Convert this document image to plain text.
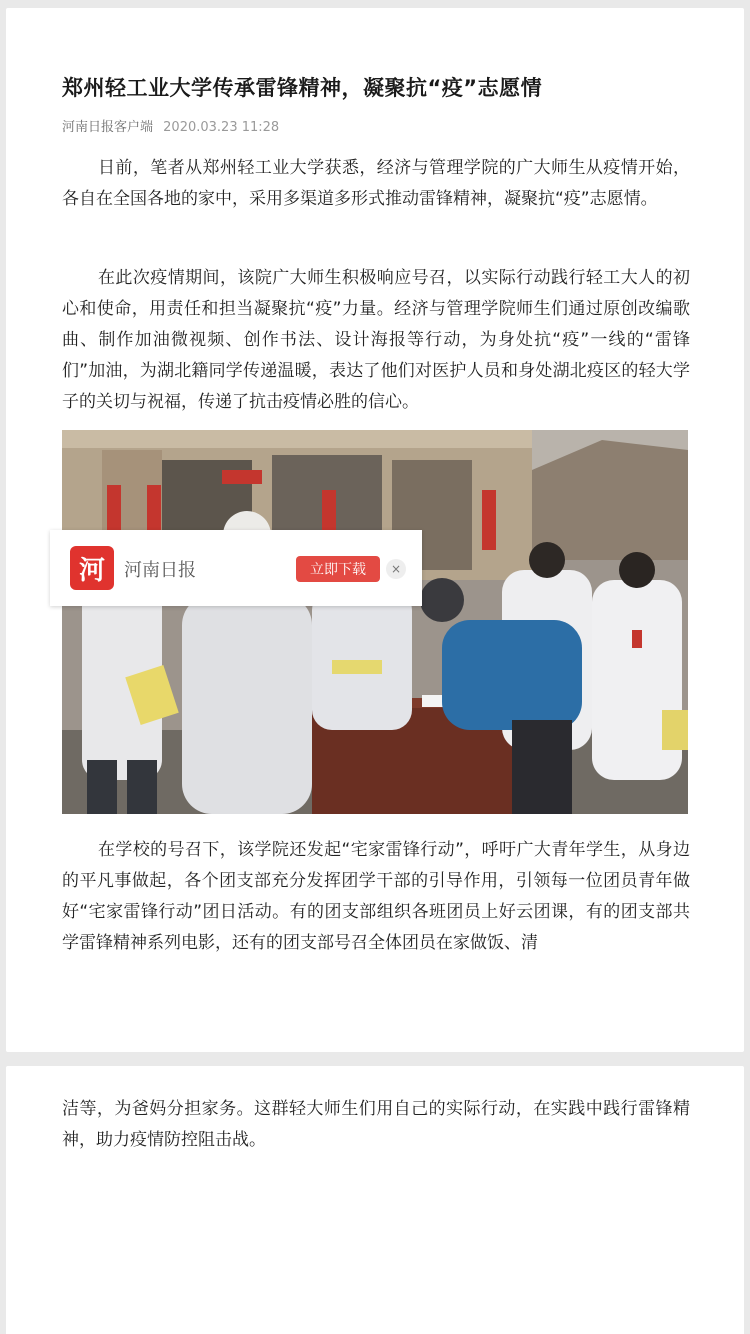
郑州轻工业大学传承雷锋精神，凝聚抗“疫”志愿情
河南日报客户端 2020.03.23 11:28

日前，笔者从郑州轻工业大学获悉，经济与管理学院的广大师生从疫情开始，各自在全国各地的家中，采用多渠道多形式推动雷锋精神，凝聚抗“疫”志愿情。

在此次疫情期间，该院广大师生积极响应号召，以实际行动践行轻工大人的初心和使命，用责任和担当凝聚抗“疫”力量。经济与管理学院师生们通过原创改编歌曲、制作加油微视频、创作书法、设计海报等行动，为身处抗“疫”一线的“雷锋们”加油，为湖北籍同学传递温暖，表达了他们对医护人员和身处湖北疫区的轻大学子的关切与祝福，传递了抗击疫情必胜的信心。

河	河南日报	立即下载	×

在学校的号召下，该学院还发起“宅家雷锋行动”，呼吁广大青年学生，从身边的平凡事做起，各个团支部充分发挥团学干部的引导作用，引领每一位团员青年做好“宅家雷锋行动”团日活动。有的团支部组织各班团员上好云团课，有的团支部共学雷锋精神系列电影，还有的团支部号召全体团员在家做饭、清

洁等，为爸妈分担家务。这群轻大师生们用自己的实际行动，在实践中践行雷锋精神，助力疫情防控阻击战。
